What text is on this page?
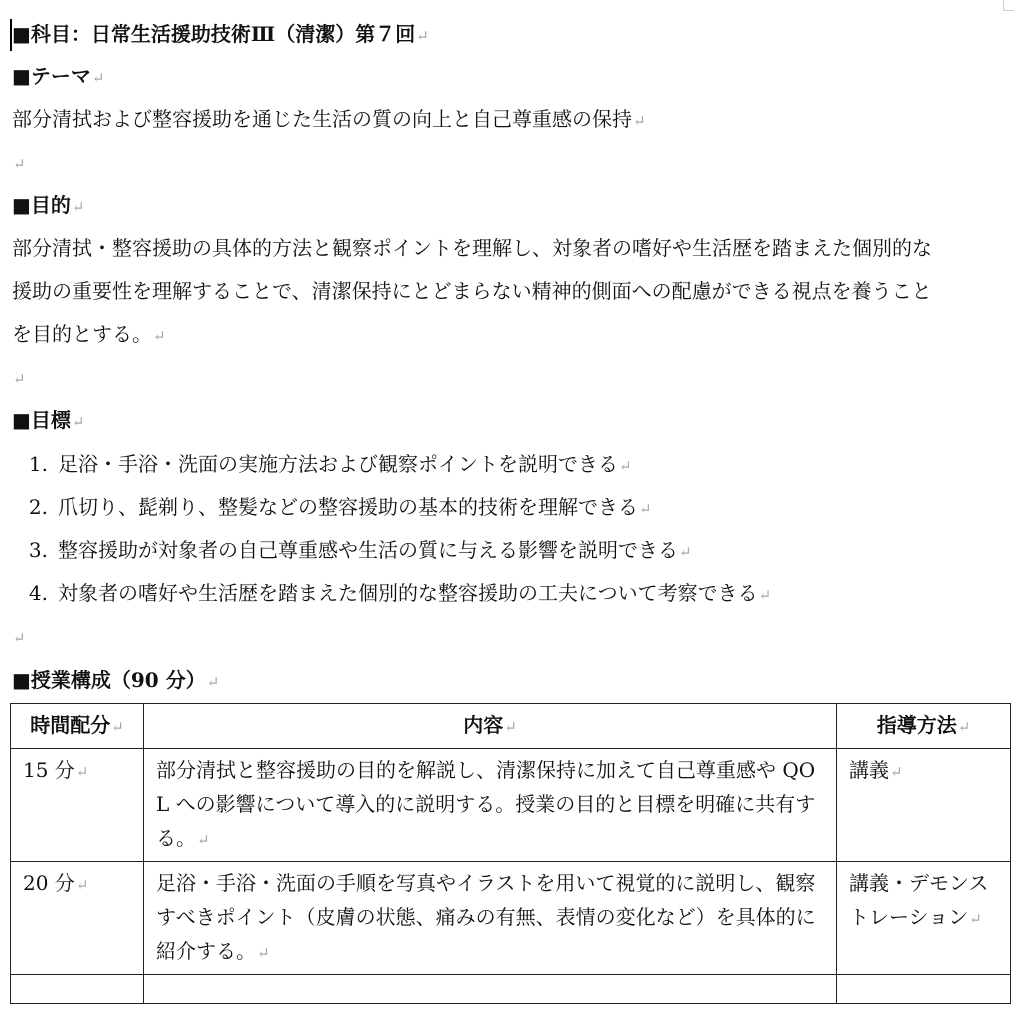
■科目：日常生活援助技術Ⅲ（清潔）第７回 ↵
■テーマ ↵
部分清拭および整容援助を通じた生活の質の向上と自己尊重感の保持 ↵
↵
■目的 ↵
部分清拭・整容援助の具体的方法と観察ポイントを理解し、対象者の嗜好や生活歴を踏まえた個別的な
援助の重要性を理解することで、清潔保持にとどまらない精神的側面への配慮ができる視点を養うこと
を目的とする。 ↵
↵
■目標 ↵
1. 足浴・手浴・洗面の実施方法および観察ポイントを説明できる ↵
2. 爪切り、髭剃り、整髪などの整容援助の基本的技術を理解できる ↵
3. 整容援助が対象者の自己尊重感や生活の質に与える影響を説明できる ↵
4. 対象者の嗜好や生活歴を踏まえた個別的な整容援助の工夫について考察できる ↵
↵
■授業構成（90 分） ↵
時間配分 ↵	内容 ↵	指導方法 ↵
15 分 ↵	部分清拭と整容援助の目的を解説し、清潔保持に加えて自己尊重感や QOL への影響について導入的に説明する。授業の目的と目標を明確に共有する。 ↵	講義 ↵
20 分 ↵	足浴・手浴・洗面の手順を写真やイラストを用いて視覚的に説明し、観察すべきポイント（皮膚の状態、痛みの有無、表情の変化など）を具体的に紹介する。 ↵	講義・デモンストレーション ↵
